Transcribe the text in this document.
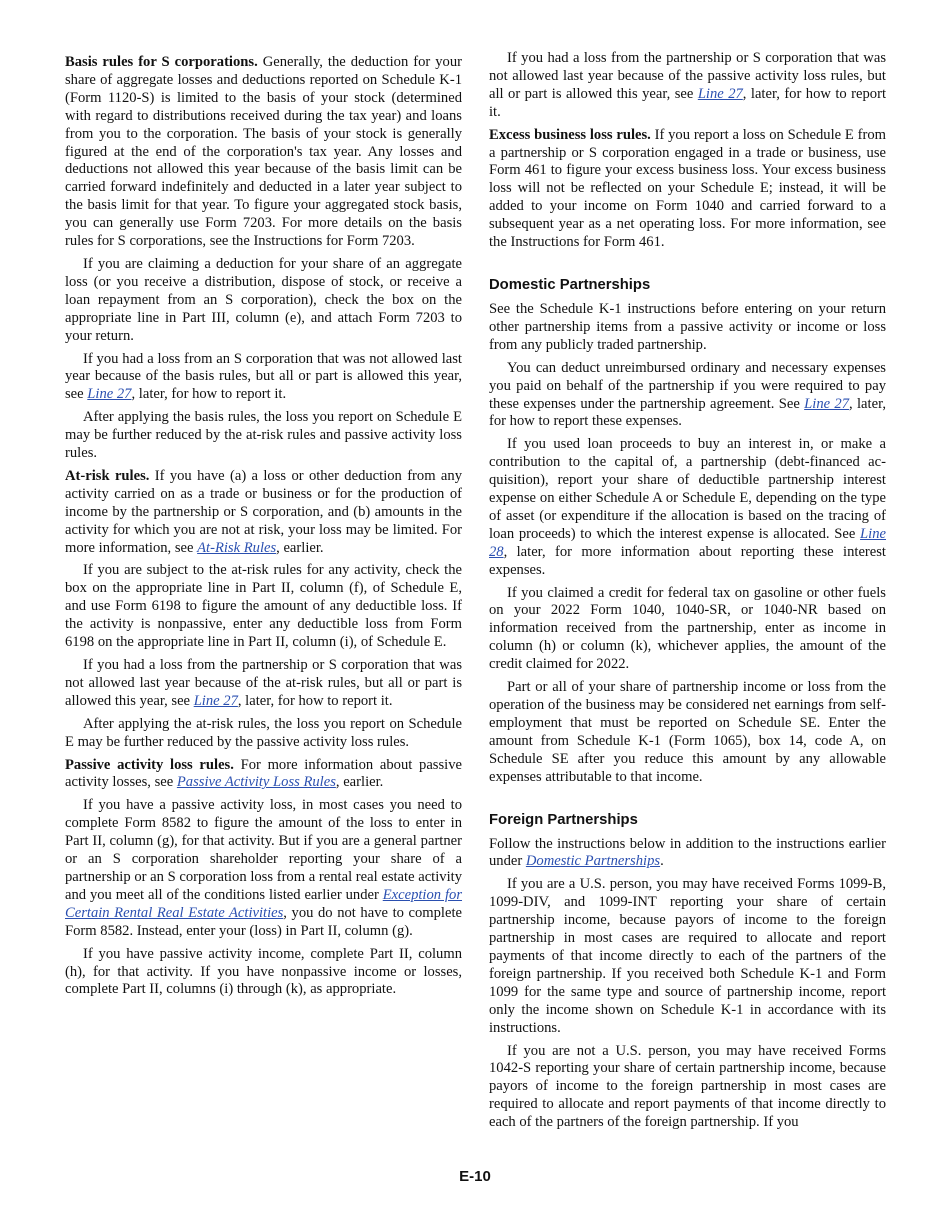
Basis rules for S corporations. Generally, the deduction for your share of aggregate losses and deductions reported on Schedule K-1 (Form 1120-S) is limited to the basis of your stock (determined with regard to distributions received during the tax year) and loans from you to the corporation. The basis of your stock is generally figured at the end of the corporation's tax year. Any losses and deductions not allowed this year because of the basis limit can be carried forward indefinitely and deducted in a later year subject to the basis limit for that year. To figure your aggregated stock basis, you can generally use Form 7203. For more details on the basis rules for S corporations, see the Instructions for Form 7203.

If you are claiming a deduction for your share of an aggregate loss (or you receive a distribution, dispose of stock, or receive a loan repayment from an S corporation), check the box on the appropriate line in Part III, column (e), and attach Form 7203 to your return.

If you had a loss from an S corporation that was not allowed last year because of the basis rules, but all or part is allowed this year, see Line 27, later, for how to report it.

After applying the basis rules, the loss you report on Schedule E may be further reduced by the at-risk rules and passive activity loss rules.

At-risk rules. If you have (a) a loss or other deduction from any activity carried on as a trade or business or for the production of income by the partnership or S corporation, and (b) amounts in the activity for which you are not at risk, your loss may be limited. For more information, see At-Risk Rules, earlier.

If you are subject to the at-risk rules for any activity, check the box on the appropriate line in Part II, column (f), of Schedule E, and use Form 6198 to figure the amount of any deductible loss. If the activity is nonpassive, enter any deductible loss from Form 6198 on the appropriate line in Part II, column (i), of Schedule E.

If you had a loss from the partnership or S corporation that was not allowed last year because of the at-risk rules, but all or part is allowed this year, see Line 27, later, for how to report it.

After applying the at-risk rules, the loss you report on Schedule E may be further reduced by the passive activity loss rules.

Passive activity loss rules. For more information about passive activity losses, see Passive Activity Loss Rules, earlier.

If you have a passive activity loss, in most cases you need to complete Form 8582 to figure the amount of the loss to enter in Part II, column (g), for that activity. But if you are a general partner or an S corporation shareholder reporting your share of a partnership or an S corporation loss from a rental real estate activity and you meet all of the conditions listed earlier under Exception for Certain Rental Real Estate Activities, you do not have to complete Form 8582. Instead, enter your (loss) in Part II, column (g).

If you have passive activity income, complete Part II, column (h), for that activity. If you have nonpassive income or losses, complete Part II, columns (i) through (k), as appropriate.

If you had a loss from the partnership or S corporation that was not allowed last year because of the passive activity loss rules, but all or part is allowed this year, see Line 27, later, for how to report it.

Excess business loss rules. If you report a loss on Schedule E from a partnership or S corporation engaged in a trade or business, use Form 461 to figure your excess business loss. Your excess business loss will not be reflected on your Schedule E; instead, it will be added to your income on Form 1040 and carried forward to a subsequent year as a net operating loss. For more information, see the Instructions for Form 461.

Domestic Partnerships

See the Schedule K-1 instructions before entering on your return other partnership items from a passive activity or income or loss from any publicly traded partnership.

You can deduct unreimbursed ordinary and necessary expenses you paid on behalf of the partnership if you were required to pay these expenses under the partnership agreement. See Line 27, later, for how to report these expenses.

If you used loan proceeds to buy an interest in, or make a contribution to the capital of, a partnership (debt-financed acquisition), report your share of deductible partnership interest expense on either Schedule A or Schedule E, depending on the type of asset (or expenditure if the allocation is based on the tracing of loan proceeds) to which the interest expense is allocated. See Line 28, later, for more information about reporting these interest expenses.

If you claimed a credit for federal tax on gasoline or other fuels on your 2022 Form 1040, 1040-SR, or 1040-NR based on information received from the partnership, enter as income in column (h) or column (k), whichever applies, the amount of the credit claimed for 2022.

Part or all of your share of partnership income or loss from the operation of the business may be considered net earnings from self-employment that must be reported on Schedule SE. Enter the amount from Schedule K-1 (Form 1065), box 14, code A, on Schedule SE after you reduce this amount by any allowable expenses attributable to that income.

Foreign Partnerships

Follow the instructions below in addition to the instructions earlier under Domestic Partnerships.

If you are a U.S. person, you may have received Forms 1099-B, 1099-DIV, and 1099-INT reporting your share of certain partnership income, because payors of income to the foreign partnership in most cases are required to allocate and report payments of that income directly to each of the partners of the foreign partnership. If you received both Schedule K-1 and Form 1099 for the same type and source of partnership income, report only the income shown on Schedule K-1 in accordance with its instructions.

If you are not a U.S. person, you may have received Forms 1042-S reporting your share of certain partnership income, because payors of income to the foreign partnership in most cases are required to allocate and report payments of that income directly to each of the partners of the foreign partnership. If you

E-10
